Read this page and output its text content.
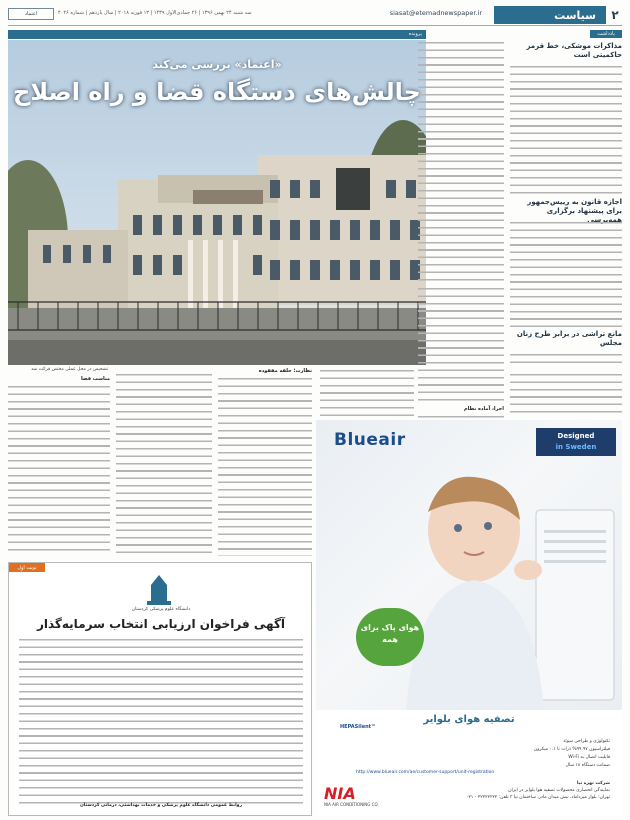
۲
سیاست
siasat@etemadnewspaper.ir
سه شنبه ۲۴ بهمن ۱۳۹۶ | ۲۶ جمادی‌الاول ۱۴۳۹ | ۱۳ فوریه ۲۰۱۸ | سال یازدهم | شماره ۴۰۲۶
اعتماد
یادداشت
مذاکرات موشکی، خط قرمز حاکمیتی است
اجازه قانون به رییس‌جمهور برای پیشنهاد برگزاری همه‌پرسی
مانع تراشی در برابر طرح زنان مجلس
پرونده
«اعتماد» بررسی می‌کند
چالش‌های دستگاه قضا و راه اصلاح
اجرا، آماده نظام
تشخیص در محل عملی مختص قرائت شد	نظارت؛ حلقه مفقوده
مناسب قضا
نوبت اول
دانشگاه علوم پزشکی کردستان
آگهی فراخوان ارزیابی انتخاب سرمایه‌گذار
روابط عمومی دانشگاه علوم پزشکی و خدمات بهداشتی، درمانی کردستان
Blueair	Designed
in Sweden
هوای پاک برای همه
تصفیه هوای بلوایر
HEPASilent™
تکنولوژی و طراحی سوئد
فیلتراسیون ۹۹.۹۷% ذرات تا ۰.۱ میکرون
قابلیت اتصال به Wi-Fi
ضمانت دستگاه ۱۸ سال
http://www.blueair.com/ae/customer-support/unit-registration
شرکت نهره نیا
نمایندگی انحصاری محصولات تصفیه هوا بلوایر در ایران
تهران: بلوار میرداماد، نبش میدان مادر، ساختمان نیا ۳ تلفن: ۲۲۲۲۲۲۲۲ - ۰۲۱
NIA
NIA AIR CONDITIONING CO.
